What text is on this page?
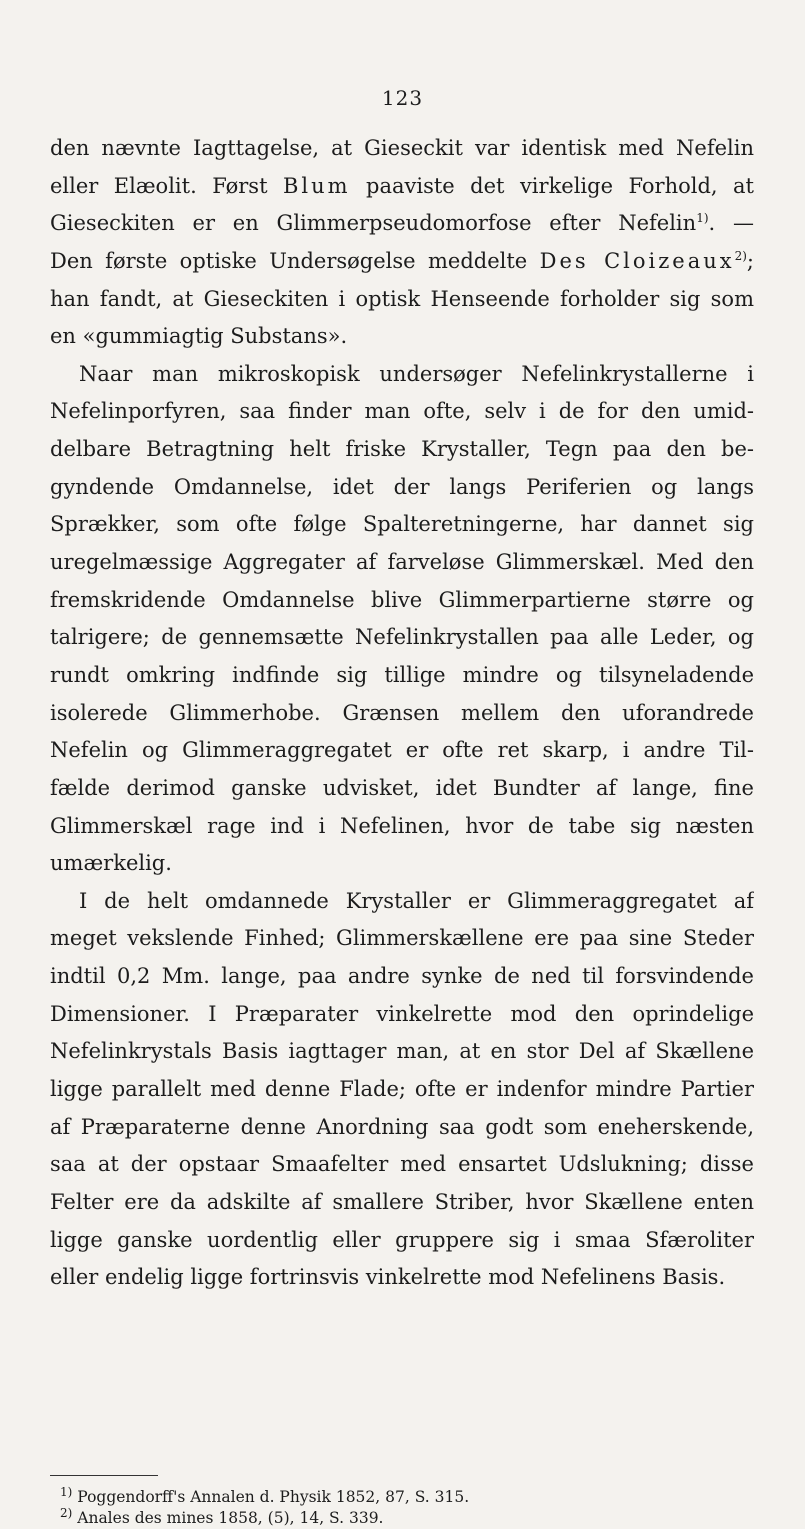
123
den nævnte Iagttagelse, at Gieseckit var identisk med Nefelin
eller Elæolit. Først Blum paaviste det virkelige Forhold, at
Gieseckiten er en Glimmerpseudomorfose efter Nefelin$^{1)}$. —
Den første optiske Undersøgelse meddelte Des Cloizeaux$^{2)}$;
han fandt, at Gieseckiten i optisk Henseende forholder sig som
en «gummiagtig Substans».
Naar man mikroskopisk undersøger Nefelinkrystallerne i
Nefelinporfyren, saa finder man ofte, selv i de for den umid-
delbare Betragtning helt friske Krystaller, Tegn paa den be-
gyndende Omdannelse, idet der langs Periferien og langs
Sprækker, som ofte følge Spalteretningerne, har dannet sig
uregelmæssige Aggregater af farveløse Glimmerskæl. Med den
fremskridende Omdannelse blive Glimmerpartierne større og
talrigere; de gennemsætte Nefelinkrystallen paa alle Leder, og
rundt omkring indfinde sig tillige mindre og tilsyneladende
isolerede Glimmerhobe. Grænsen mellem den uforandrede
Nefelin og Glimmeraggregatet er ofte ret skarp, i andre Til-
fælde derimod ganske udvisket, idet Bundter af lange, fine
Glimmerskæl rage ind i Nefelinen, hvor de tabe sig næsten
umærkelig.
I de helt omdannede Krystaller er Glimmeraggregatet af
meget vekslende Finhed; Glimmerskællene ere paa sine Steder
indtil 0,2 Mm. lange, paa andre synke de ned til forsvindende
Dimensioner. I Præparater vinkelrette mod den oprindelige
Nefelinkrystals Basis iagttager man, at en stor Del af Skællene
ligge parallelt med denne Flade; ofte er indenfor mindre Partier
af Præparaterne denne Anordning saa godt som eneherskende,
saa at der opstaar Smaafelter med ensartet Udslukning; disse
Felter ere da adskilte af smallere Striber, hvor Skællene enten
ligge ganske uordentlig eller gruppere sig i smaa Sfæroliter
eller endelig ligge fortrinsvis vinkelrette mod Nefelinens Basis.
$^{1)}$ Poggendorff's Annalen d. Physik 1852, 87, S. 315.
$^{2)}$ Anales des mines 1858, (5), 14, S. 339.
